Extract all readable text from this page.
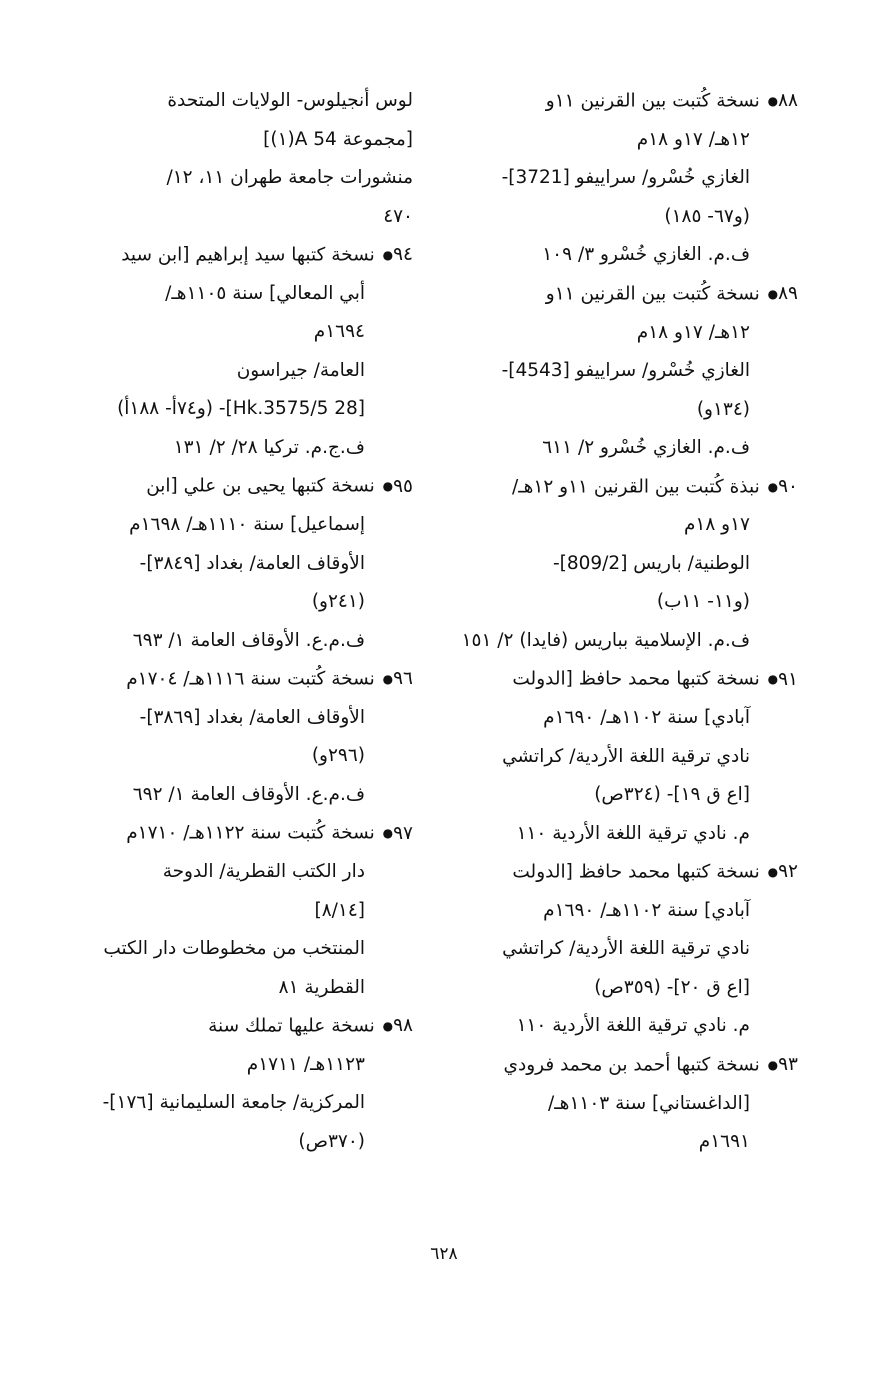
٨٨● نسخة كُتبت بين القرنين ١١و
١٢هـ/ ١٧و ١٨م
الغازي خُسْرو/ سراييفو [3721]-
(و٦٧- ١٨٥)
ف.م. الغازي خُسْرو ٣/ ١٠٩
٨٩● نسخة كُتبت بين القرنين ١١و
١٢هـ/ ١٧و ١٨م
الغازي خُسْرو/ سراييفو [4543]-
(١٣٤و)
ف.م. الغازي خُسْرو ٢/ ٦١١
٩٠● نبذة كُتبت بين القرنين ١١و ١٢هـ/
١٧و ١٨م
الوطنية/ باريس [809/2]-
(و١١- ١١ب)
ف.م. الإسلامية بباريس (فايدا) ٢/ ١٥١
٩١● نسخة كتبها محمد حافظ [الدولت
آبادي] سنة ١١٠٢هـ/ ١٦٩٠م
نادي ترقية اللغة الأردية/ كراتشي
[اع ق ١٩]- (٣٢٤ص)
م. نادي ترقية اللغة الأردية ١١٠
٩٢● نسخة كتبها محمد حافظ [الدولت
آبادي] سنة ١١٠٢هـ/ ١٦٩٠م
نادي ترقية اللغة الأردية/ كراتشي
[اع ق ٢٠]- (٣٥٩ص)
م. نادي ترقية اللغة الأردية ١١٠
٩٣● نسخة كتبها أحمد بن محمد فرودي
[الداغستاني] سنة ١١٠٣هـ/
١٦٩١م
لوس أنجيلوس- الولايات المتحدة
[مجموعة A 54(١)]
منشورات جامعة طهران ١١، ١٢/
٤٧٠
٩٤● نسخة كتبها سيد إبراهيم [ابن سيد
أبي المعالي] سنة ١١٠٥هـ/
١٦٩٤م
العامة/ جيراسون
[28 Hk.3575/5]- (و٧٤أ- ١٨٨أ)
ف.ج.م. تركيا ٢٨/ ٢/ ١٣١
٩٥● نسخة كتبها يحيى بن علي [ابن
إسماعيل] سنة ١١١٠هـ/ ١٦٩٨م
الأوقاف العامة/ بغداد [٣٨٤٩]-
(٢٤١و)
ف.م.ع. الأوقاف العامة ١/ ٦٩٣
٩٦● نسخة كُتبت سنة ١١١٦هـ/ ١٧٠٤م
الأوقاف العامة/ بغداد [٣٨٦٩]-
(٢٩٦و)
ف.م.ع. الأوقاف العامة ١/ ٦٩٢
٩٧● نسخة كُتبت سنة ١١٢٢هـ/ ١٧١٠م
دار الكتب القطرية/ الدوحة
[٨/١٤]
المنتخب من مخطوطات دار الكتب
القطرية ٨١
٩٨● نسخة عليها تملك سنة
١١٢٣هـ/ ١٧١١م
المركزية/ جامعة السليمانية [١٧٦]-
(٣٧٠ص)
٦٢٨
